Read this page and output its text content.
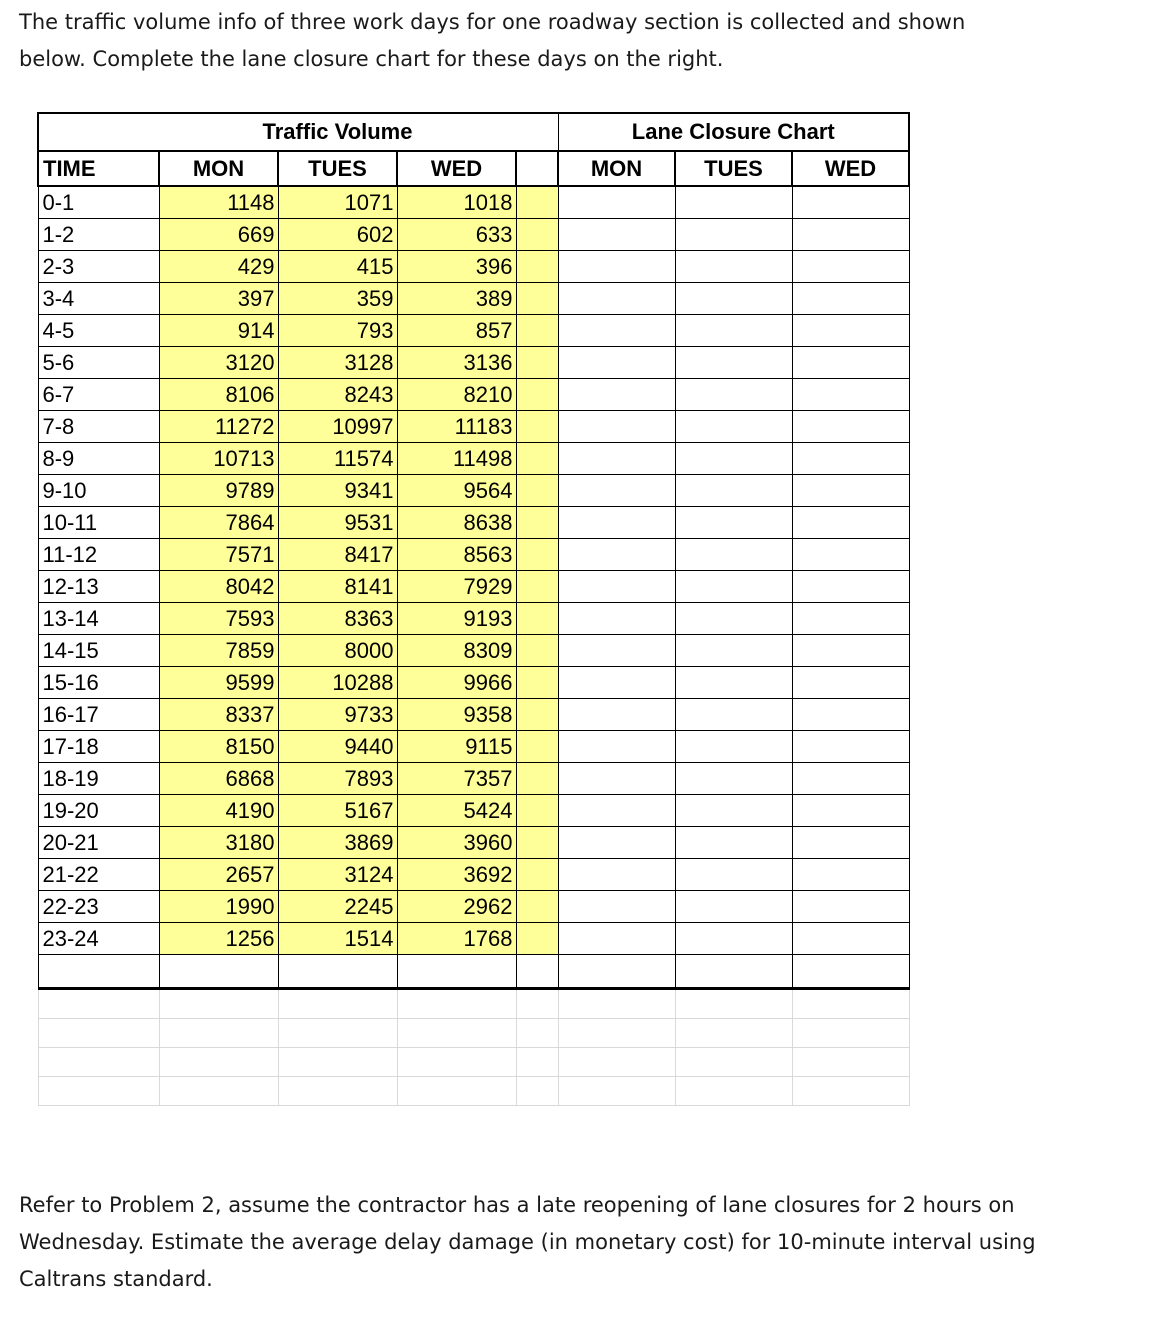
The traffic volume info of three work days for one roadway section is collected and shown below. Complete the lane closure chart for these days on the right.
	Traffic Volume				Lane Closure Chart		
TIME	MON	TUES	WED		MON	TUES	WED
0-1	1148	1071	1018				
1-2	669	602	633				
2-3	429	415	396				
3-4	397	359	389				
4-5	914	793	857				
5-6	3120	3128	3136				
6-7	8106	8243	8210				
7-8	11272	10997	11183				
8-9	10713	11574	11498				
9-10	9789	9341	9564				
10-11	7864	9531	8638				
11-12	7571	8417	8563				
12-13	8042	8141	7929				
13-14	7593	8363	9193				
14-15	7859	8000	8309				
15-16	9599	10288	9966				
16-17	8337	9733	9358				
17-18	8150	9440	9115				
18-19	6868	7893	7357				
19-20	4190	5167	5424				
20-21	3180	3869	3960				
21-22	2657	3124	3692				
22-23	1990	2245	2962				
23-24	1256	1514	1768				

Refer to Problem 2, assume the contractor has a late reopening of lane closures for 2 hours on Wednesday. Estimate the average delay damage (in monetary cost) for 10-minute interval using Caltrans standard.
